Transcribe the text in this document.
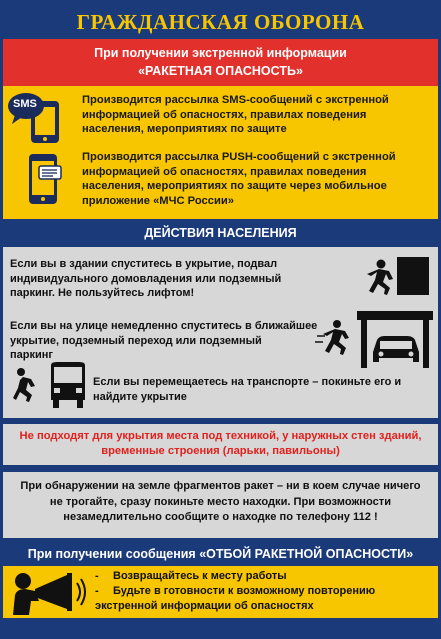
ГРАЖДАНСКАЯ ОБОРОНА
При получении экстренной информации
«РАКЕТНАЯ ОПАСНОСТЬ»
SMS	Производится рассылка SMS-сообщений с экстренной
информацией об опасностях, правилах поведения
населения, мероприятиях по защите
Производится рассылка PUSH-сообщений с экстренной
информацией об опасностях, правилах поведения
населения, мероприятиях по защите через мобильное
приложение «МЧС России»
ДЕЙСТВИЯ НАСЕЛЕНИЯ
Если вы в здании спуститесь в укрытие, подвал
индивидуального домовладения или подземный
паркинг. Не пользуйтесь лифтом!
Если вы на улице немедленно спуститесь в ближайшее
укрытие, подземный переход или подземный
паркинг
Если вы перемещаетесь на транспорте – покиньте его и
найдите укрытие
Не подходят для укрытия места под техникой, у наружных стен зданий,
временные строения (ларьки, павильоны)
При обнаружении на земле фрагментов ракет – ни в коем случае ничего
не трогайте, сразу покиньте место находки. При возможности
незамедлительно сообщите о находке по телефону 112 !
При получении сообщения «ОТБОЙ РАКЕТНОЙ ОПАСНОСТИ»
- Возвращайтесь к месту работы
- Будьте в готовности к возможному повторению
экстренной информации об опасностях
